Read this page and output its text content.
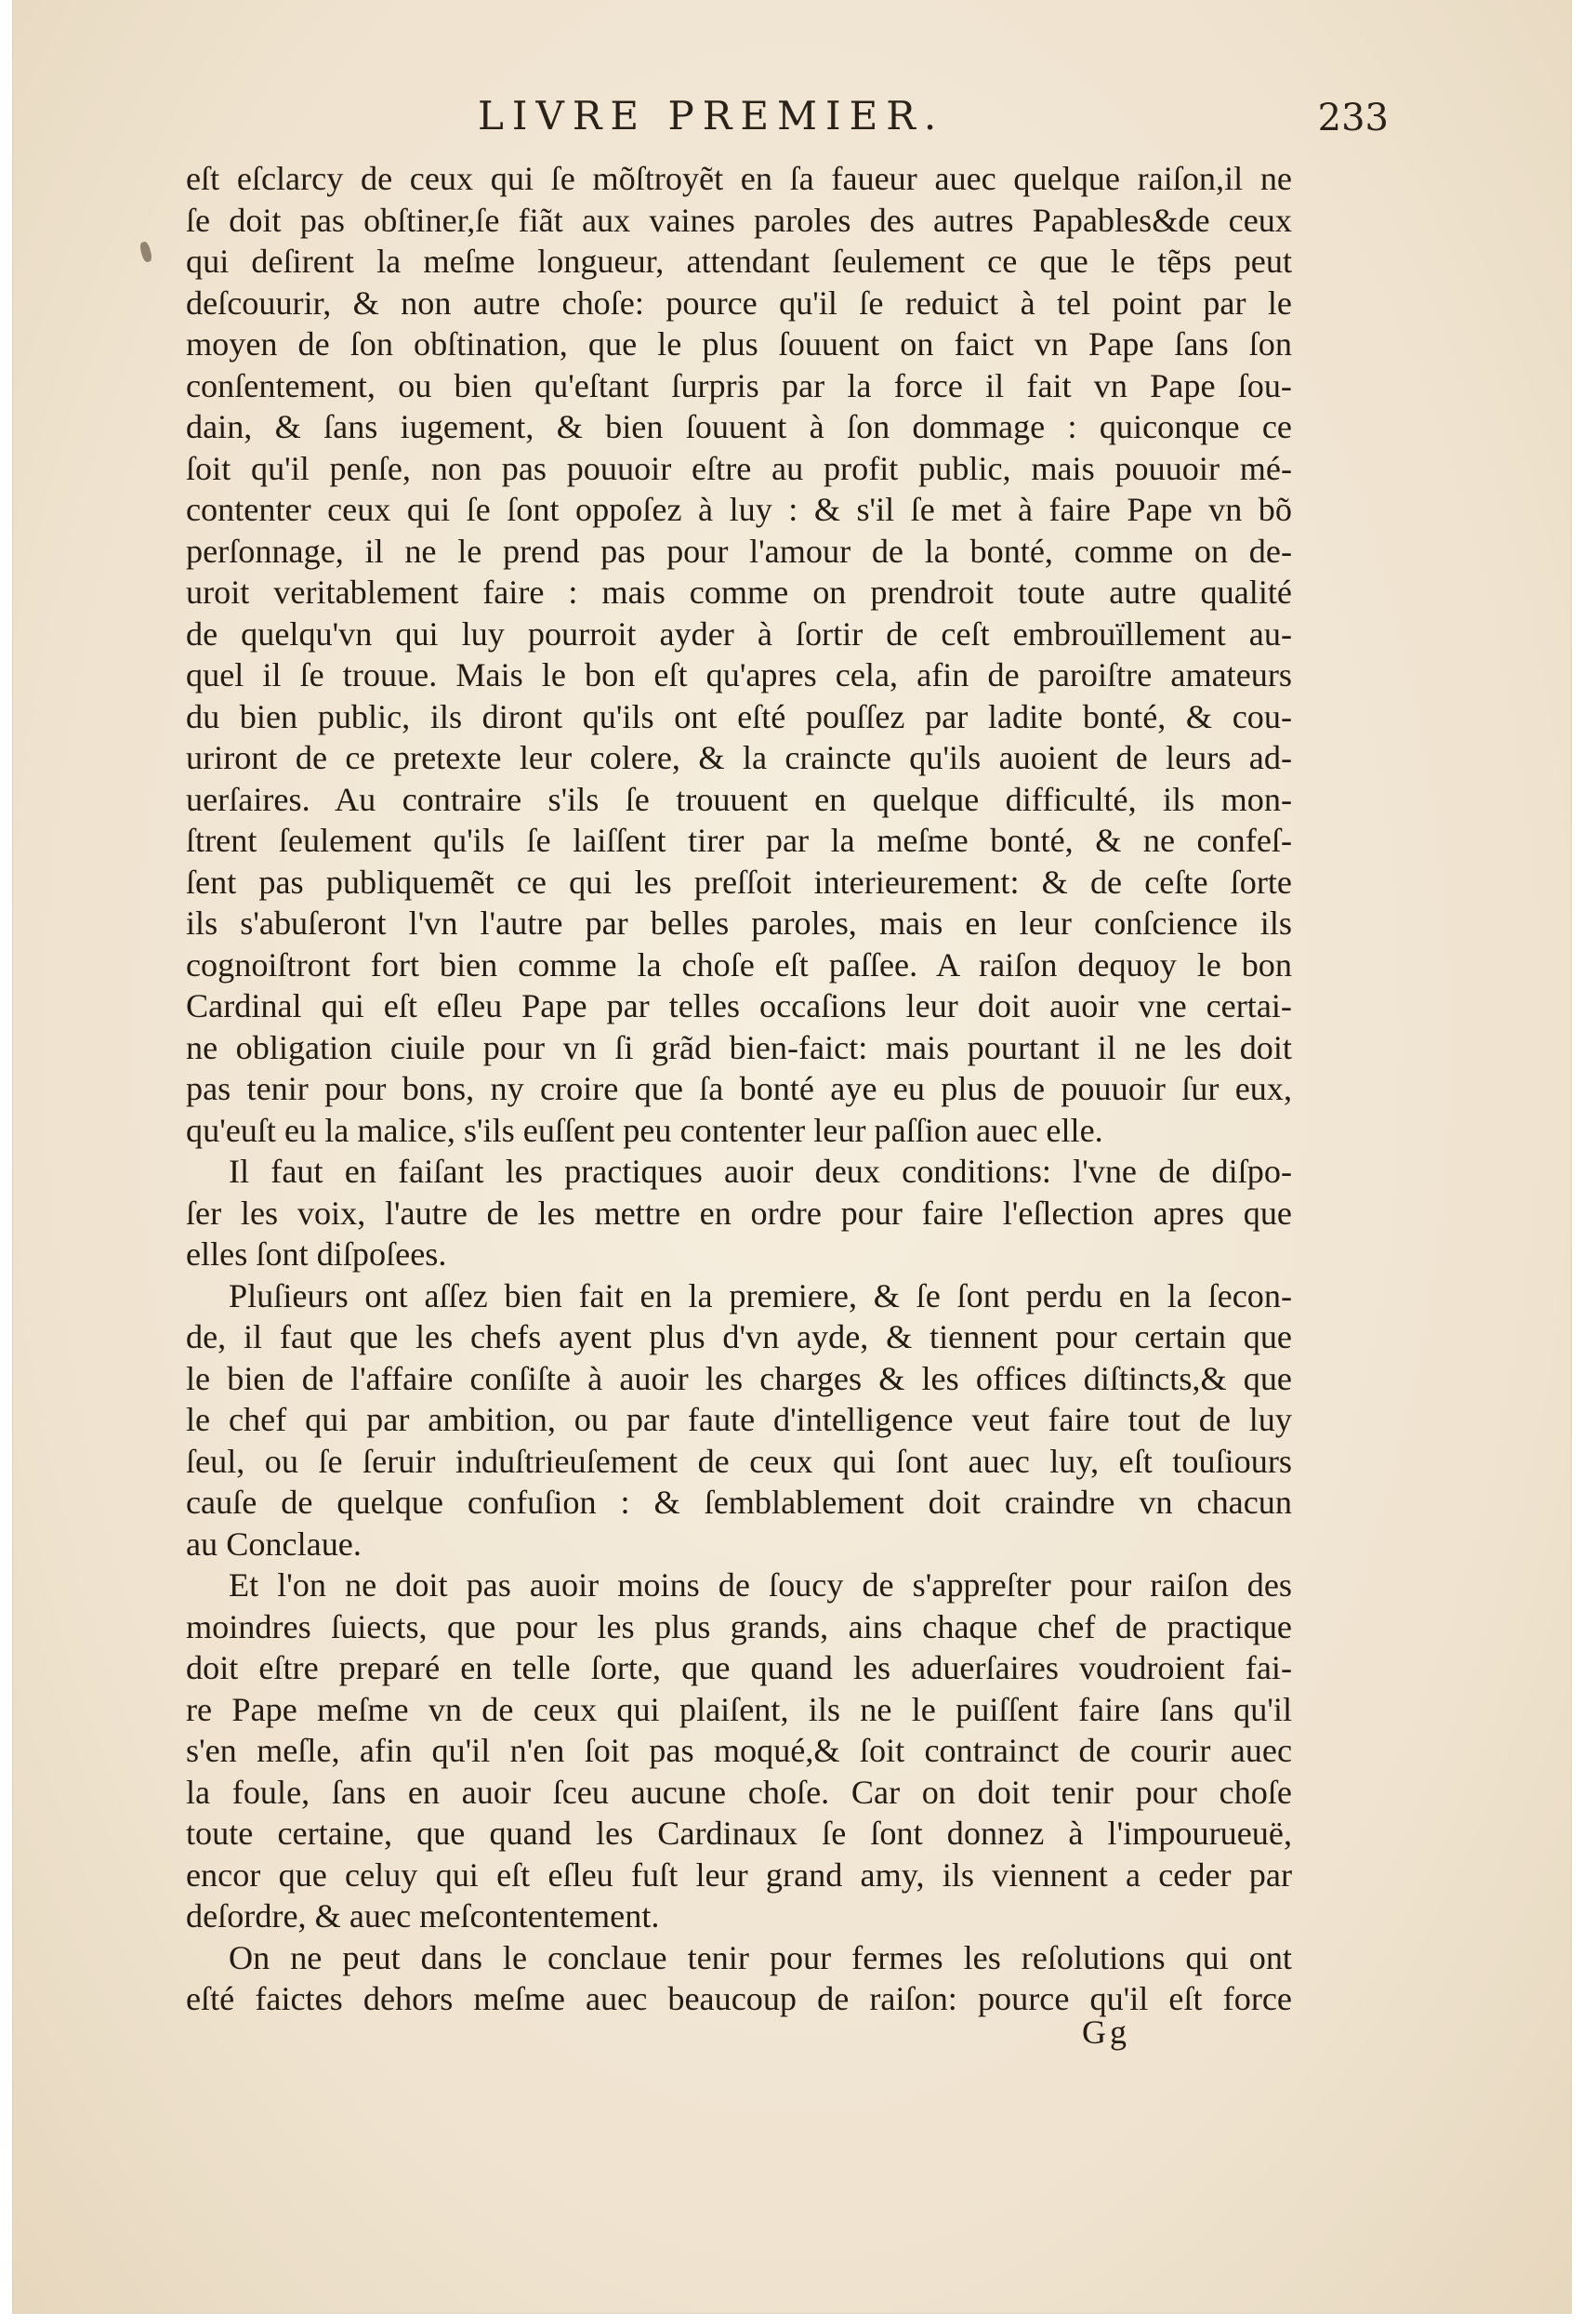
LIVRE PREMIER.	233
eſt eſclarcy de ceux qui ſe mõſtroyẽt en ſa faueur auec quelque raiſon,il ne
ſe doit pas obſtiner,ſe fiãt aux vaines paroles des autres Papables&de ceux
qui deſirent la meſme longueur, attendant ſeulement ce que le tẽps peut
deſcouurir, & non autre choſe: pource qu'il ſe reduict à tel point par le
moyen de ſon obſtination, que le plus ſouuent on faict vn Pape ſans ſon
conſentement, ou bien qu'eſtant ſurpris par la force il fait vn Pape ſou-
dain, & ſans iugement, & bien ſouuent à ſon dommage : quiconque ce
ſoit qu'il penſe, non pas pouuoir eſtre au profit public, mais pouuoir mé-
contenter ceux qui ſe ſont oppoſez à luy : & s'il ſe met à faire Pape vn bõ
perſonnage, il ne le prend pas pour l'amour de la bonté, comme on de-
uroit veritablement faire : mais comme on prendroit toute autre qualité
de quelqu'vn qui luy pourroit ayder à ſortir de ceſt embrouïllement au-
quel il ſe trouue. Mais le bon eſt qu'apres cela, afin de paroiſtre amateurs
du bien public, ils diront qu'ils ont eſté pouſſez par ladite bonté, & cou-
uriront de ce pretexte leur colere, & la craincte qu'ils auoient de leurs ad-
uerſaires. Au contraire s'ils ſe trouuent en quelque difficulté, ils mon-
ſtrent ſeulement qu'ils ſe laiſſent tirer par la meſme bonté, & ne confeſ-
ſent pas publiquemẽt ce qui les preſſoit interieurement: & de ceſte ſorte
ils s'abuſeront l'vn l'autre par belles paroles, mais en leur conſcience ils
cognoiſtront fort bien comme la choſe eſt paſſee. A raiſon dequoy le bon
Cardinal qui eſt eſleu Pape par telles occaſions leur doit auoir vne certai-
ne obligation ciuile pour vn ſi grãd bien-faict: mais pourtant il ne les doit
pas tenir pour bons, ny croire que ſa bonté aye eu plus de pouuoir ſur eux,
qu'euſt eu la malice, s'ils euſſent peu contenter leur paſſion auec elle.
Il faut en faiſant les practiques auoir deux conditions: l'vne de diſpo-
ſer les voix, l'autre de les mettre en ordre pour faire l'eſlection apres que
elles ſont diſpoſees.
Pluſieurs ont aſſez bien fait en la premiere, & ſe ſont perdu en la ſecon-
de, il faut que les chefs ayent plus d'vn ayde, & tiennent pour certain que
le bien de l'affaire conſiſte à auoir les charges & les offices diſtincts,& que
le chef qui par ambition, ou par faute d'intelligence veut faire tout de luy
ſeul, ou ſe ſeruir induſtrieuſement de ceux qui ſont auec luy, eſt touſiours
cauſe de quelque confuſion : & ſemblablement doit craindre vn chacun
au Conclaue.
Et l'on ne doit pas auoir moins de ſoucy de s'appreſter pour raiſon des
moindres ſuiects, que pour les plus grands, ains chaque chef de practique
doit eſtre preparé en telle ſorte, que quand les aduerſaires voudroient fai-
re Pape meſme vn de ceux qui plaiſent, ils ne le puiſſent faire ſans qu'il
s'en meſle, afin qu'il n'en ſoit pas moqué,& ſoit contrainct de courir auec
la foule, ſans en auoir ſceu aucune choſe. Car on doit tenir pour choſe
toute certaine, que quand les Cardinaux ſe ſont donnez à l'impourueuë,
encor que celuy qui eſt eſleu fuſt leur grand amy, ils viennent a ceder par
deſordre, & auec meſcontentement.
On ne peut dans le conclaue tenir pour fermes les reſolutions qui ont
eſté faictes dehors meſme auec beaucoup de raiſon: pource qu'il eſt force
Gg
